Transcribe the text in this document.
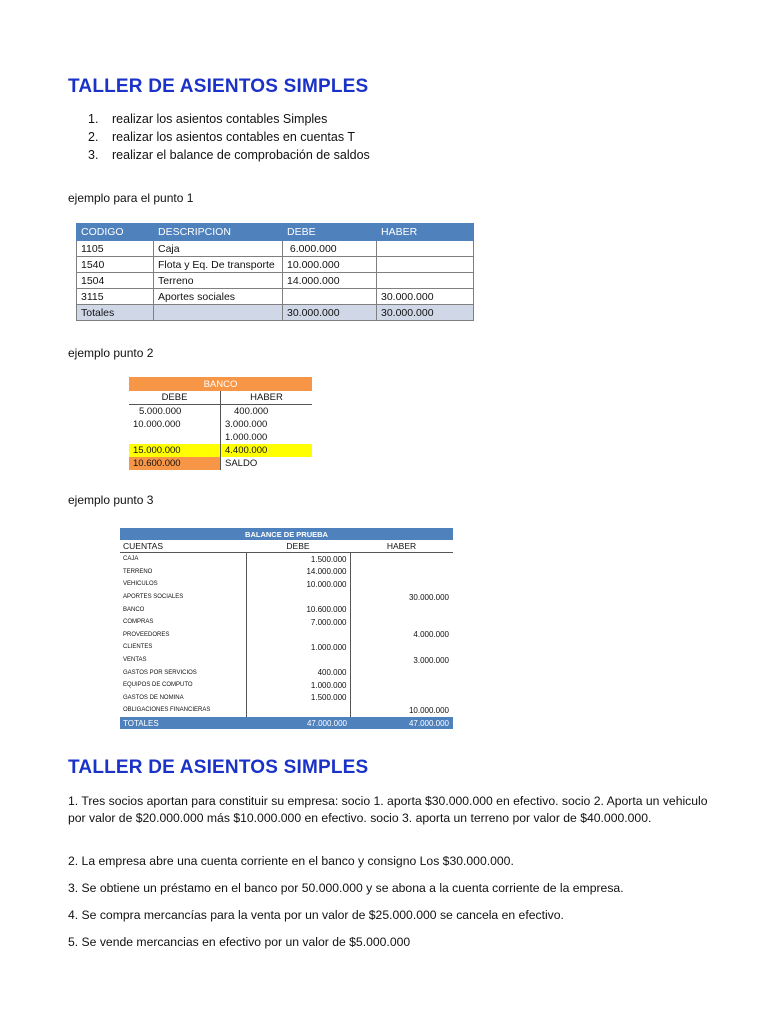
TALLER DE ASIENTOS SIMPLES
1. realizar los asientos contables Simples
2. realizar los asientos contables en cuentas T
3. realizar el balance de comprobación de saldos

ejemplo para el punto 1

CODIGO	DESCRIPCION	DEBE	HABER
1105	Caja	6.000.000	
1540	Flota y Eq. De transporte	10.000.000	
1504	Terreno	14.000.000	
3115	Aportes sociales		30.000.000
Totales		30.000.000	30.000.000

ejemplo punto 2

BANCO	
DEBE	HABER
5.000.000	400.000
10.000.000	3.000.000
	1.000.000
15.000.000	4.400.000
10.600.000	SALDO

ejemplo punto 3

BALANCE DE PRUEBA		
CUENTAS	DEBE	HABER
CAJA	1.500.000	
TERRENO	14.000.000	
VEHICULOS	10.000.000	
APORTES SOCIALES		30.000.000
BANCO	10.600.000	
COMPRAS	7.000.000	
PROVEEDORES		4.000.000
CLIENTES	1.000.000	
VENTAS		3.000.000
GASTOS POR SERVICIOS	400.000	
EQUIPOS DE COMPUTO	1.000.000	
GASTOS DE NOMINA	1.500.000	
OBLIGACIONES FINANCIERAS		10.000.000
TOTALES	47.000.000	47.000.000
TALLER DE ASIENTOS SIMPLES

1. Tres socios aportan para constituir su empresa: socio 1. aporta $30.000.000 en efectivo. socio 2. Aporta un vehiculo por valor de $20.000.000 más $10.000.000 en efectivo. socio 3. aporta un terreno por valor de $40.000.000.

2. La empresa abre una cuenta corriente en el banco y consigno Los $30.000.000.

3. Se obtiene un préstamo en el banco por 50.000.000 y se abona a la cuenta corriente de la empresa.

4. Se compra mercancías para la venta por un valor de $25.000.000 se cancela en efectivo.

5. Se vende mercancias en efectivo por un valor de $5.000.000
